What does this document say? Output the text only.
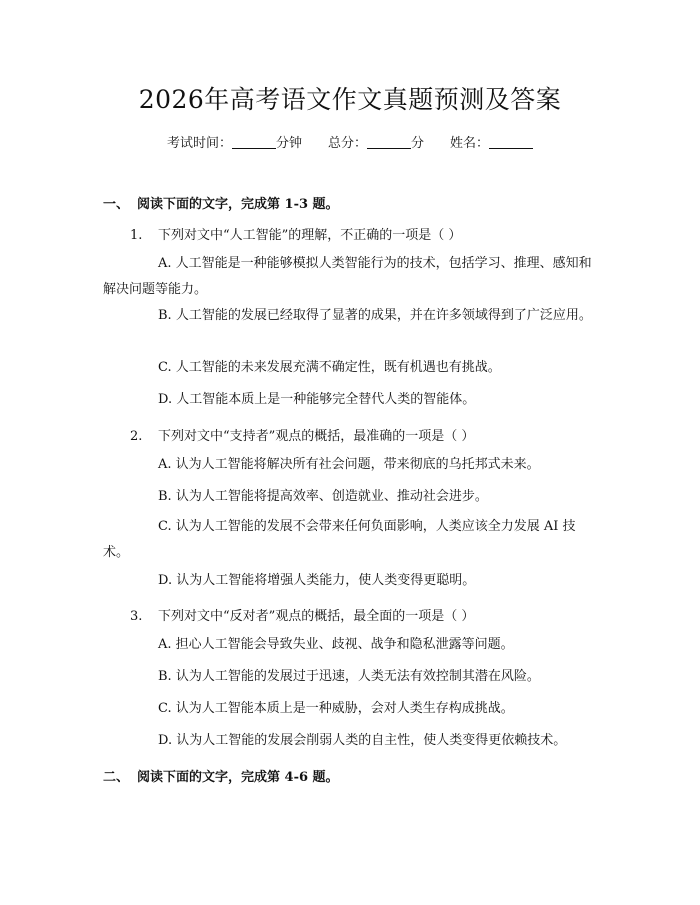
2026年高考语文作文真题预测及答案
考试时间：	分钟 总分：	分 姓名：
一、 阅读下面的文字，完成第 1-3 题。
1. 下列对文中“人工智能”的理解，不正确的一项是（ ）
A. 人工智能是一种能够模拟人类智能行为的技术，包括学习、推理、感知和解决问题等能力。
B. 人工智能的发展已经取得了显著的成果，并在许多领域得到了广泛应用。
C. 人工智能的未来发展充满不确定性，既有机遇也有挑战。
D. 人工智能本质上是一种能够完全替代人类的智能体。
2. 下列对文中“支持者”观点的概括，最准确的一项是（ ）
A. 认为人工智能将解决所有社会问题，带来彻底的乌托邦式未来。
B. 认为人工智能将提高效率、创造就业、推动社会进步。
C. 认为人工智能的发展不会带来任何负面影响，人类应该全力发展 AI 技术。
D. 认为人工智能将增强人类能力，使人类变得更聪明。
3. 下列对文中“反对者”观点的概括，最全面的一项是（ ）
A. 担心人工智能会导致失业、歧视、战争和隐私泄露等问题。
B. 认为人工智能的发展过于迅速，人类无法有效控制其潜在风险。
C. 认为人工智能本质上是一种威胁，会对人类生存构成挑战。
D. 认为人工智能的发展会削弱人类的自主性，使人类变得更依赖技术。
二、 阅读下面的文字，完成第 4-6 题。
